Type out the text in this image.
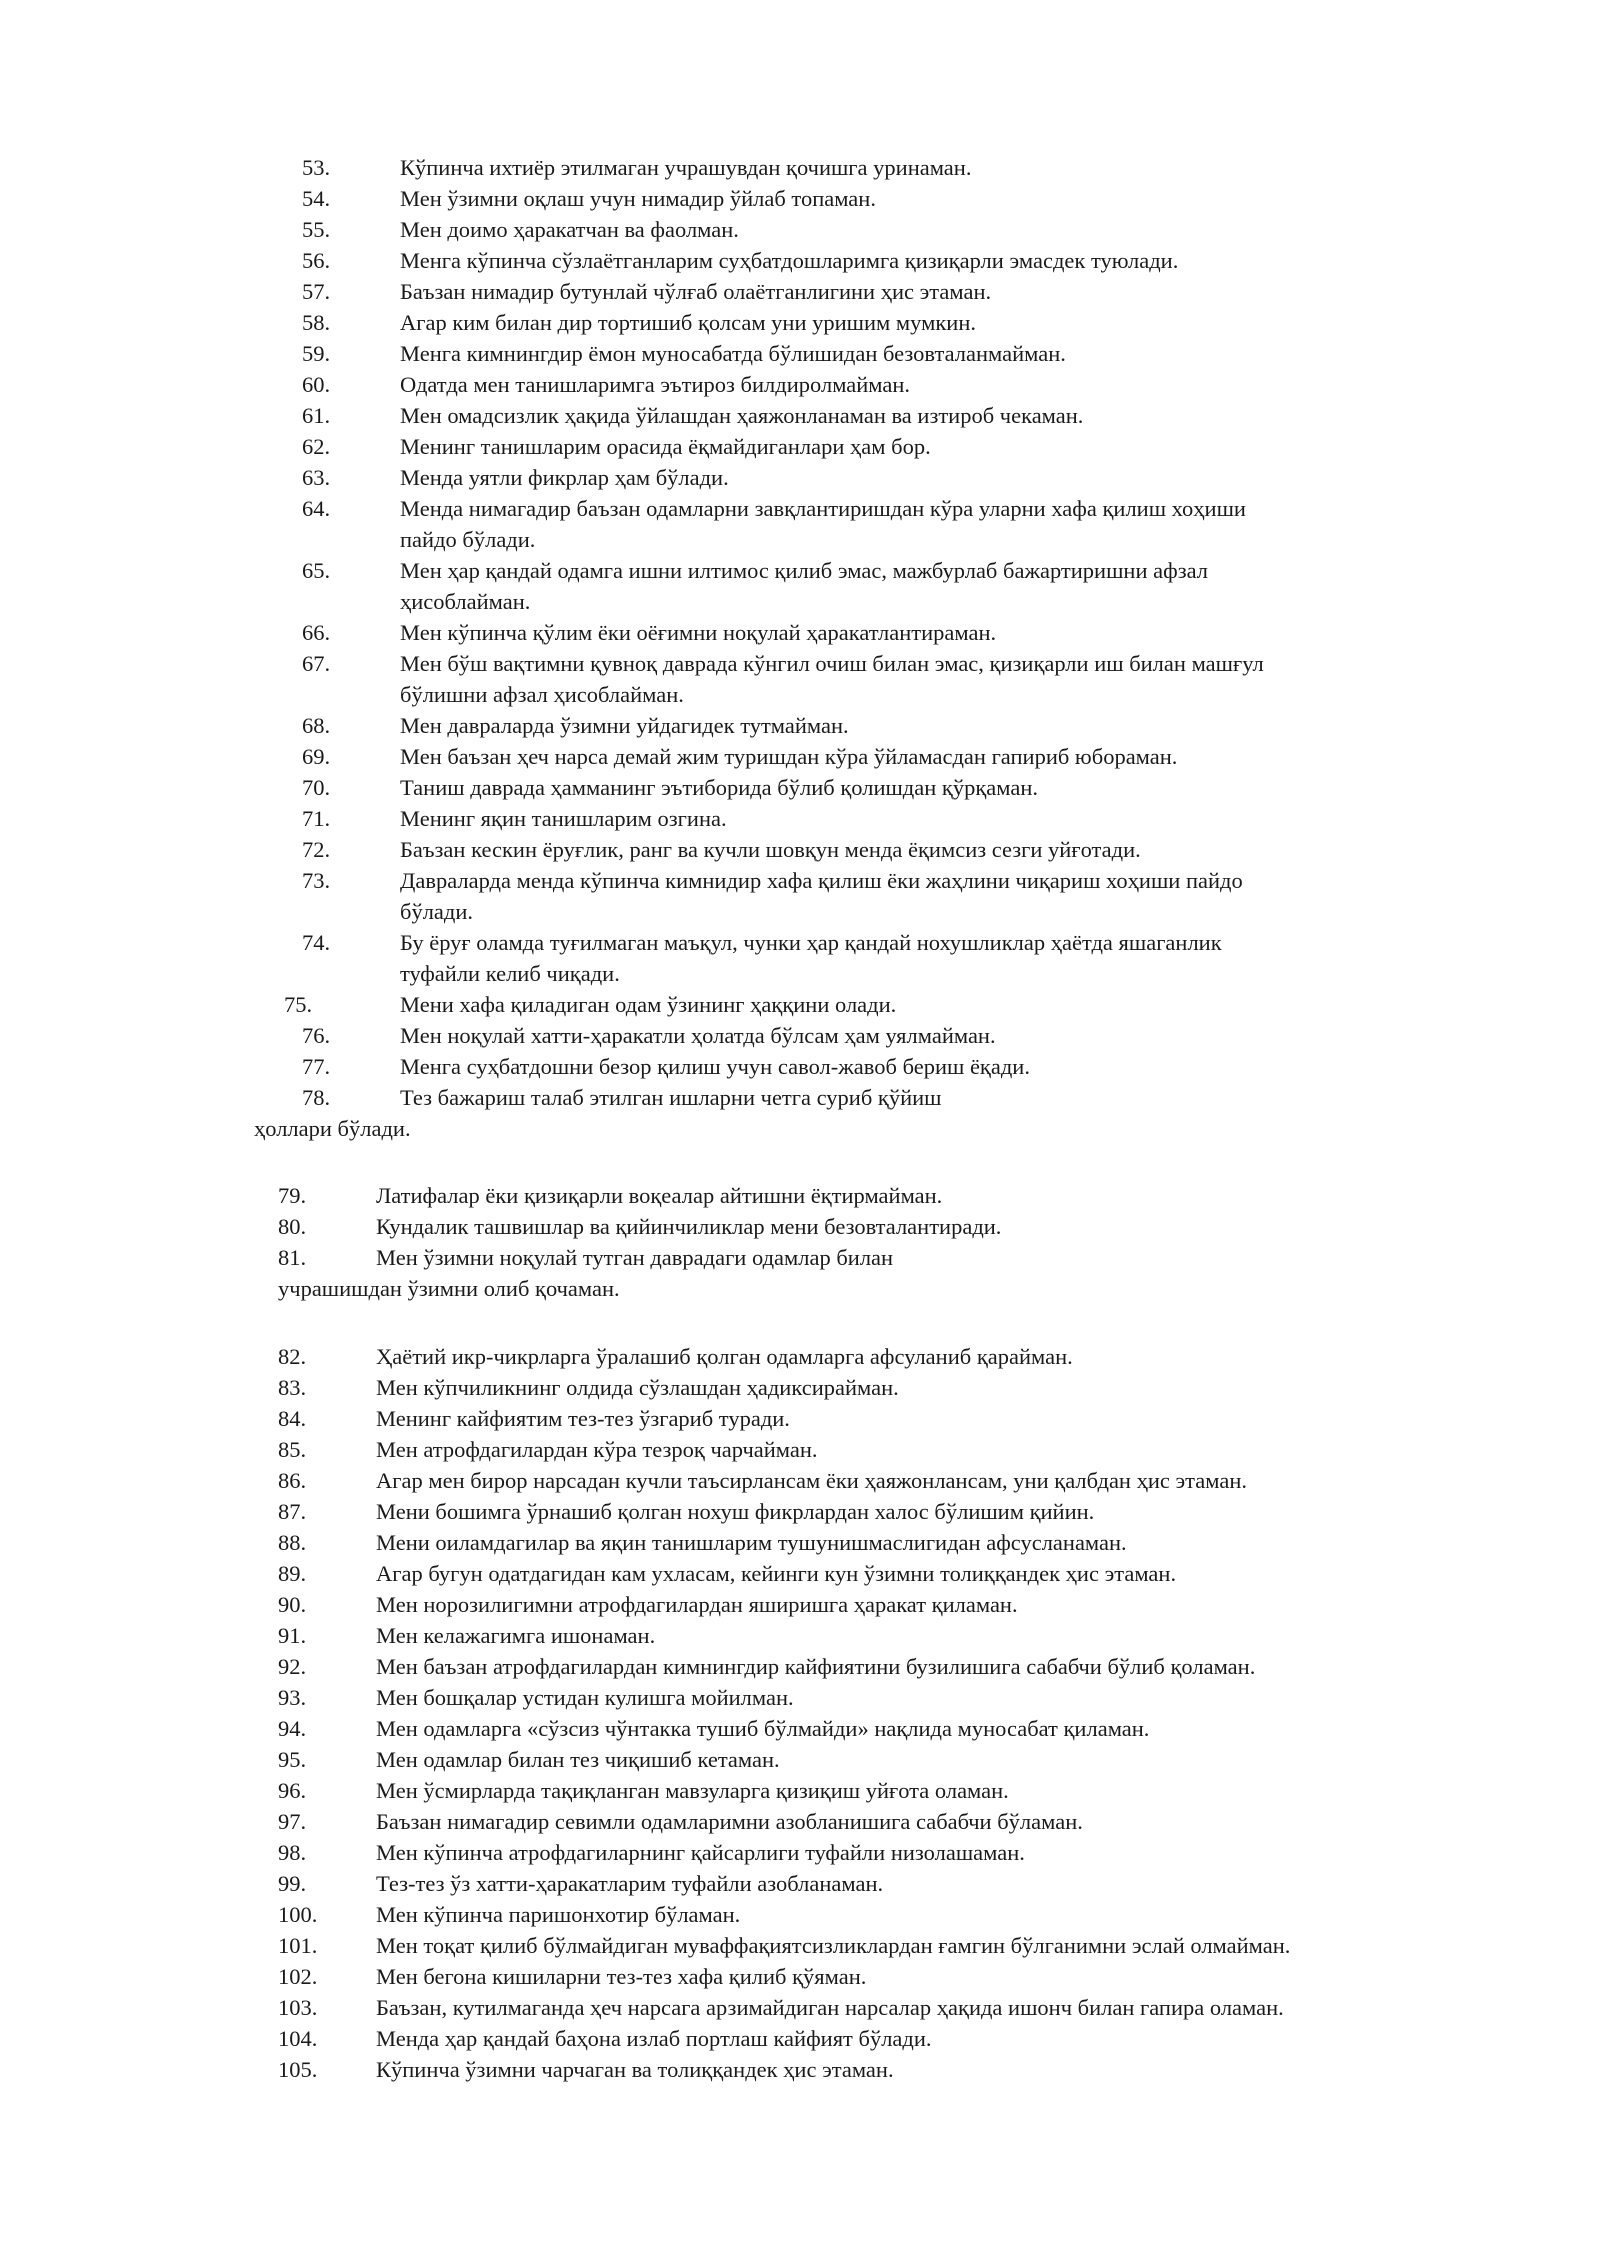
53.	Кўпинча ихтиёр этилмаган учрашувдан қочишга уринаман.
54.	Мен ўзимни оқлаш учун нимадир ўйлаб топаман.
55.	Мен доимо ҳаракатчан ва фаолман.
56.	Менга кўпинча сўзлаётганларим суҳбатдошларимга қизиқарли эмасдек туюлади.
57.	Баъзан нимадир бутунлай чўлғаб олаётганлигини ҳис этаман.
58.	Агар ким билан дир тортишиб қолсам уни уришим мумкин.
59.	Менга кимнингдир ёмон муносабатда бўлишидан безовталанмайман.
60.	Одатда мен танишларимга эътироз билдиролмайман.
61.	Мен омадсизлик ҳақида ўйлашдан ҳаяжонланаман ва изтироб чекаман.
62.	Менинг танишларим орасида ёқмайдиганлари ҳам бор.
63.	Менда уятли фикрлар ҳам бўлади.
64.	Менда нимагадир баъзан одамларни завқлантиришдан кўра уларни хафа қилиш хоҳиши
пайдо бўлади.
65.	Мен ҳар қандай одамга ишни илтимос қилиб эмас, мажбурлаб бажартиришни афзал
ҳисоблайман.
66.	Мен кўпинча қўлим ёки оёғимни ноқулай ҳаракатлантираман.
67.	Мен бўш вақтимни қувноқ даврада кўнгил очиш билан эмас, қизиқарли иш билан машғул
бўлишни афзал ҳисоблайман.
68.	Мен давраларда ўзимни уйдагидек тутмайман.
69.	Мен баъзан ҳеч нарса демай жим туришдан кўра ўйламасдан гапириб юбораман.
70.	Таниш даврада ҳамманинг эътиборида бўлиб қолишдан қўрқаман.
71.	Менинг яқин танишларим озгина.
72.	Баъзан кескин ёруғлик, ранг ва кучли шовқун менда ёқимсиз сезги уйғотади.
73.	Давраларда менда кўпинча кимнидир хафа қилиш ёки жаҳлини чиқариш хоҳиши пайдо
бўлади.
74.	Бу ёруғ оламда туғилмаган маъқул, чунки ҳар қандай нохушликлар ҳаётда яшаганлик
туфайли келиб чиқади.
75.	Мени хафа қиладиган одам ўзининг ҳаққини олади.
76.	Мен ноқулай хатти-ҳаракатли ҳолатда бўлсам ҳам уялмайман.
77.	Менга суҳбатдошни безор қилиш учун савол-жавоб бериш ёқади.
78.	Тез бажариш талаб этилган ишларни четга суриб қўйиш
ҳоллари бўлади.
79.	Латифалар ёки қизиқарли воқеалар айтишни ёқтирмайман.
80.	Кундалик ташвишлар ва қийинчиликлар мени безовталантиради.
81.	Мен ўзимни ноқулай тутган даврадаги одамлар билан
учрашишдан ўзимни олиб қочаман.
82.	Ҳаётий икр-чикрларга ўралашиб қолган одамларга афсуланиб қарайман.
83.	Мен кўпчиликнинг олдида сўзлашдан ҳадиксирайман.
84.	Менинг кайфиятим тез-тез ўзгариб туради.
85.	Мен атрофдагилардан кўра тезроқ чарчайман.
86.	Агар мен бирор нарсадан кучли таъсирлансам ёки ҳаяжонлансам, уни қалбдан ҳис этаман.
87.	Мени бошимга ўрнашиб қолган нохуш фикрлардан халос бўлишим қийин.
88.	Мени оиламдагилар ва яқин танишларим тушунишмаслигидан афсусланаман.
89.	Агар бугун одатдагидан кам ухласам, кейинги кун ўзимни толиққандек ҳис этаман.
90.	Мен норозилигимни атрофдагилардан яширишга ҳаракат қиламан.
91.	Мен келажагимга ишонаман.
92.	Мен баъзан атрофдагилардан кимнингдир кайфиятини бузилишига сабабчи бўлиб қоламан.
93.	Мен бошқалар устидан кулишга мойилман.
94.	Мен одамларга «сўзсиз чўнтакка тушиб бўлмайди» нақлида муносабат қиламан.
95.	Мен одамлар билан тез чиқишиб кетаман.
96.	Мен ўсмирларда тақиқланган мавзуларга қизиқиш уйғота оламан.
97.	Баъзан нимагадир севимли одамларимни азобланишига сабабчи бўламан.
98.	Мен кўпинча атрофдагиларнинг қайсарлиги туфайли низолашаман.
99.	Тез-тез ўз хатти-ҳаракатларим туфайли азобланаман.
100.	Мен кўпинча паришонхотир бўламан.
101.	Мен тоқат қилиб бўлмайдиган муваффақиятсизликлардан ғамгин бўлганимни эслай олмайман.
102.	Мен бегона кишиларни тез-тез хафа қилиб қўяман.
103.	Баъзан, кутилмаганда ҳеч нарсага арзимайдиган нарсалар ҳақида ишонч билан гапира оламан.
104.	Менда ҳар қандай баҳона излаб портлаш кайфият бўлади.
105.	Кўпинча ўзимни чарчаган ва толиққандек ҳис этаман.
